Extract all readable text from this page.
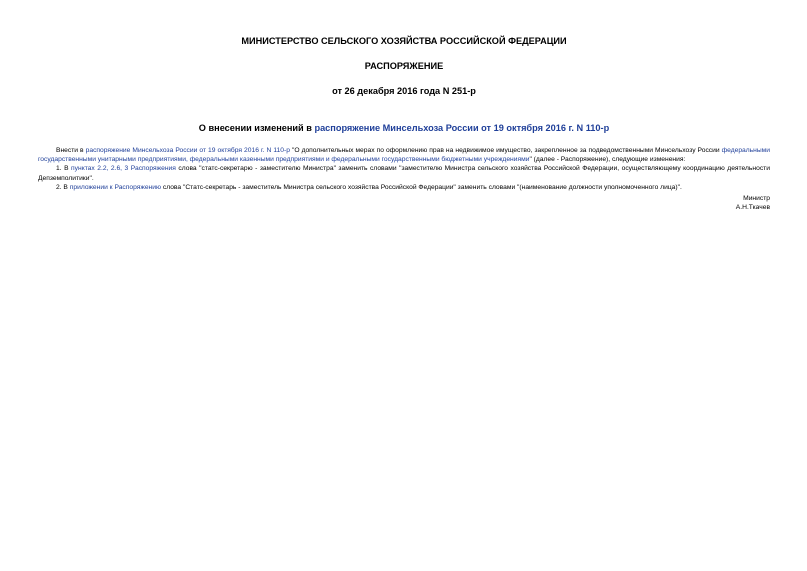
МИНИСТЕРСТВО СЕЛЬСКОГО ХОЗЯЙСТВА РОССИЙСКОЙ ФЕДЕРАЦИИ

РАСПОРЯЖЕНИЕ

от 26 декабря 2016 года N 251-р

О внесении изменений в распоряжение Минсельхоза России от 19 октября 2016 г. N 110-р

Внести в распоряжение Минсельхоза России от 19 октября 2016 г. N 110-р "О дополнительных мерах по оформлению прав на недвижимое имущество, закрепленное за подведомственными Минсельхозу России федеральными государственными унитарными предприятиями, федеральными казенными предприятиями и федеральными государственными бюджетными учреждениями" (далее - Распоряжение), следующие изменения:

1. В пунктах 2.2, 2.6, 3 Распоряжения слова "статс-секретарю - заместителю Министра" заменить словами "заместителю Министра сельского хозяйства Российской Федерации, осуществляющему координацию деятельности Депземполитики".

2. В приложении к Распоряжению слова "Статс-секретарь - заместитель Министра сельского хозяйства Российской Федерации" заменить словами "(наименование должности уполномоченного лица)".

Министр
А.Н.Ткачев
